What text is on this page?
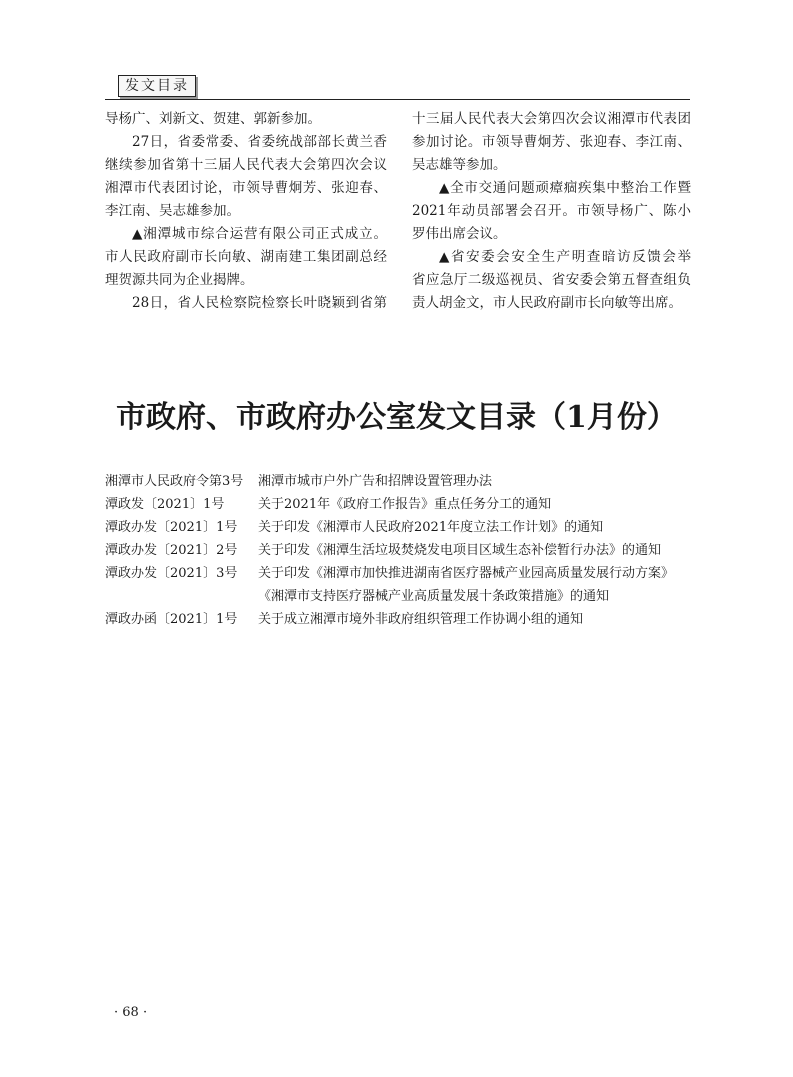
发文目录
导杨广、刘新文、贺建、郭新参加。
27日，省委常委、省委统战部部长黄兰香
继续参加省第十三届人民代表大会第四次会议
湘潭市代表团讨论，市领导曹炯芳、张迎春、
李江南、吴志雄参加。
▲湘潭城市综合运营有限公司正式成立。
市人民政府副市长向敏、湖南建工集团副总经
理贺源共同为企业揭牌。
28日，省人民检察院检察长叶晓颖到省第
十三届人民代表大会第四次会议湘潭市代表团
参加讨论。市领导曹炯芳、张迎春、李江南、
吴志雄等参加。
▲全市交通问题顽瘴痼疾集中整治工作暨
2021年动员部署会召开。市领导杨广、陈小
罗伟出席会议。
▲省安委会安全生产明查暗访反馈会举
省应急厅二级巡视员、省安委会第五督查组负
责人胡金文，市人民政府副市长向敏等出席。
市政府、市政府办公室发文目录（1月份）
湘潭市人民政府令第3号	湘潭市城市户外广告和招牌设置管理办法
潭政发〔2021〕1号	关于2021年《政府工作报告》重点任务分工的通知
潭政办发〔2021〕1号	关于印发《湘潭市人民政府2021年度立法工作计划》的通知
潭政办发〔2021〕2号	关于印发《湘潭生活垃圾焚烧发电项目区域生态补偿暂行办法》的通知
潭政办发〔2021〕3号	关于印发《湘潭市加快推进湖南省医疗器械产业园高质量发展行动方案》
《湘潭市支持医疗器械产业高质量发展十条政策措施》的通知
潭政办函〔2021〕1号	关于成立湘潭市境外非政府组织管理工作协调小组的通知
· 68 ·
